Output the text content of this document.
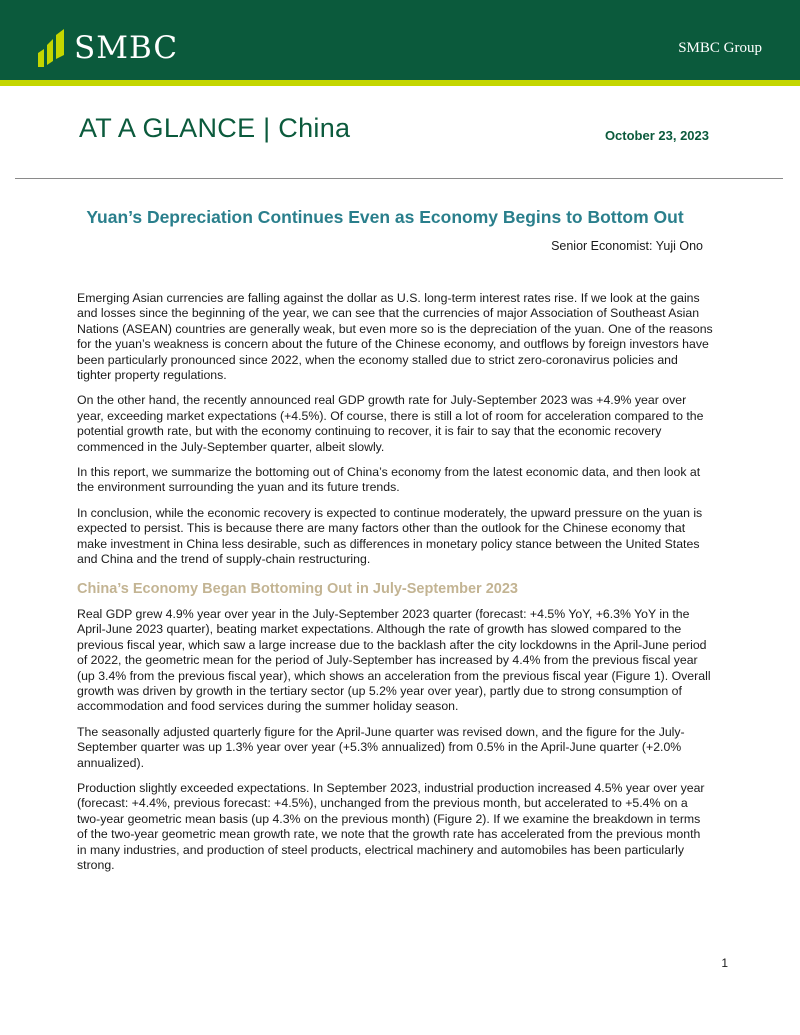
SMBC	SMBC Group
AT A GLANCE | China	October 23, 2023
Yuan’s Depreciation Continues Even as Economy Begins to Bottom Out
Senior Economist: Yuji Ono

Emerging Asian currencies are falling against the dollar as U.S. long-term interest rates rise. If we look at the gains and losses since the beginning of the year, we can see that the currencies of major Association of Southeast Asian Nations (ASEAN) countries are generally weak, but even more so is the depreciation of the yuan. One of the reasons for the yuan’s weakness is concern about the future of the Chinese economy, and outflows by foreign investors have been particularly pronounced since 2022, when the economy stalled due to strict zero-coronavirus policies and tighter property regulations.

On the other hand, the recently announced real GDP growth rate for July-September 2023 was +4.9% year over year, exceeding market expectations (+4.5%). Of course, there is still a lot of room for acceleration compared to the potential growth rate, but with the economy continuing to recover, it is fair to say that the economic recovery commenced in the July-September quarter, albeit slowly.

In this report, we summarize the bottoming out of China’s economy from the latest economic data, and then look at the environment surrounding the yuan and its future trends.

In conclusion, while the economic recovery is expected to continue moderately, the upward pressure on the yuan is expected to persist. This is because there are many factors other than the outlook for the Chinese economy that make investment in China less desirable, such as differences in monetary policy stance between the United States and China and the trend of supply-chain restructuring.

China’s Economy Began Bottoming Out in July-September 2023

Real GDP grew 4.9% year over year in the July-September 2023 quarter (forecast: +4.5% YoY, +6.3% YoY in the April-June 2023 quarter), beating market expectations. Although the rate of growth has slowed compared to the previous fiscal year, which saw a large increase due to the backlash after the city lockdowns in the April-June period of 2022, the geometric mean for the period of July-September has increased by 4.4% from the previous fiscal year (up 3.4% from the previous fiscal year), which shows an acceleration from the previous fiscal year (Figure 1). Overall growth was driven by growth in the tertiary sector (up 5.2% year over year), partly due to strong consumption of accommodation and food services during the summer holiday season.

The seasonally adjusted quarterly figure for the April-June quarter was revised down, and the figure for the July-September quarter was up 1.3% year over year (+5.3% annualized) from 0.5% in the April-June quarter (+2.0% annualized).

Production slightly exceeded expectations. In September 2023, industrial production increased 4.5% year over year (forecast: +4.4%, previous forecast: +4.5%), unchanged from the previous month, but accelerated to +5.4% on a two-year geometric mean basis (up 4.3% on the previous month) (Figure 2). If we examine the breakdown in terms of the two-year geometric mean growth rate, we note that the growth rate has accelerated from the previous month in many industries, and production of steel products, electrical machinery and automobiles has been particularly strong.

1
